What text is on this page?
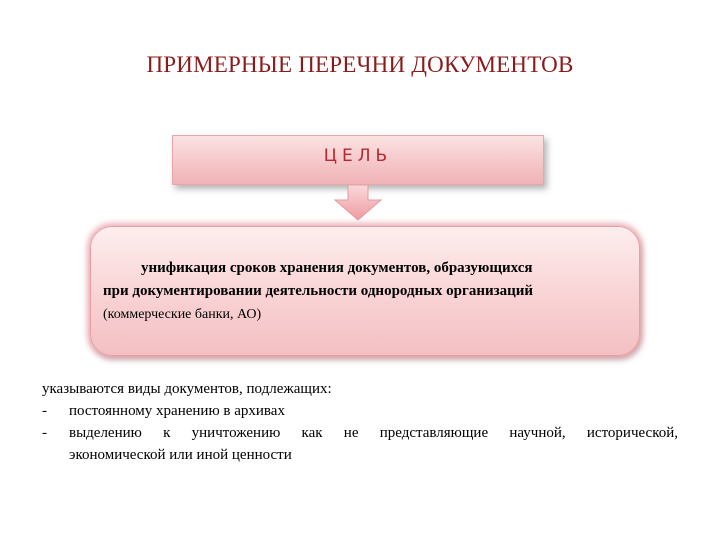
ПРИМЕРНЫЕ ПЕРЕЧНИ ДОКУМЕНТОВ
ЦЕЛЬ
унификация сроков хранения документов, образующихся
при документировании деятельности однородных организаций
(коммерческие банки, АО)
указываются виды документов, подлежащих:
- постоянному хранению в архивах
- выделению к уничтожению как не представляющие научной, исторической,
экономической или иной ценности
